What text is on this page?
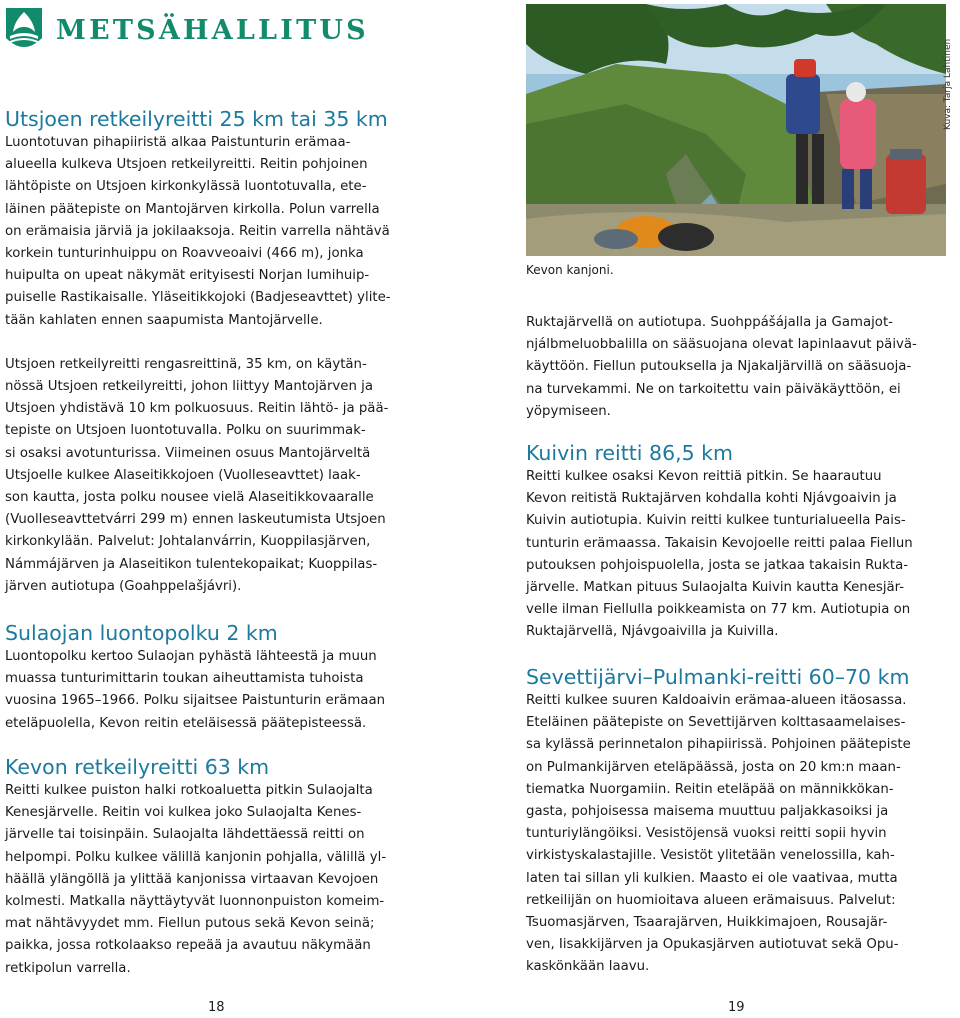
METSÄHALLITUS
Utsjoen retkeilyreitti 25 km tai 35 km

Luontotuvan pihapiiristä alkaa Paistunturin erämaa-
alueella kulkeva Utsjoen retkeilyreitti. Reitin pohjoinen
lähtöpiste on Utsjoen kirkonkylässä luontotuvalla, ete-
läinen päätepiste on Mantojärven kirkolla. Polun varrella
on erämaisia järviä ja jokilaaksoja. Reitin varrella nähtävä
korkein tunturinhuippu on Roavveoaivi (466 m), jonka
huipulta on upeat näkymät erityisesti Norjan lumihuip-
puiselle Rastikaisalle. Yläseitikkojoki (Badjeseavttet) ylite-
tään kahlaten ennen saapumista Mantojärvelle.

Utsjoen retkeilyreitti rengasreittinä, 35 km, on käytän-
nössä Utsjoen retkeilyreitti, johon liittyy Mantojärven ja
Utsjoen yhdistävä 10 km polkuosuus. Reitin lähtö- ja pää-
tepiste on Utsjoen luontotuvalla. Polku on suurimmak-
si osaksi avotunturissa. Viimeinen osuus Mantojärveltä
Utsjoelle kulkee Alaseitikkojoen (Vuolleseavttet) laak-
son kautta, josta polku nousee vielä Alaseitikkovaaralle
(Vuolleseavttetvárri 299 m) ennen laskeutumista Utsjoen
kirkonkylään. Palvelut: Johtalanvárrin, Kuoppilasjärven,
Námmájärven ja Alaseitikon tulentekopaikat; Kuoppilas-
järven autiotupa (Goahppelašjávri).

Sulaojan luontopolku 2 km

Luontopolku kertoo Sulaojan pyhästä lähteestä ja muun
muassa tunturimittarin toukan aiheuttamista tuhoista
vuosina 1965–1966. Polku sijaitsee Paistunturin erämaan
eteläpuolella, Kevon reitin eteläisessä päätepisteessä.

Kevon retkeilyreitti 63 km

Reitti kulkee puiston halki rotkoaluetta pitkin Sulaojalta
Kenesjärvelle. Reitin voi kulkea joko Sulaojalta Kenes-
järvelle tai toisinpäin. Sulaojalta lähdettäessä reitti on
helpompi. Polku kulkee välillä kanjonin pohjalla, välillä yl-
häällä ylängöllä ja ylittää kanjonissa virtaavan Kevojoen
kolmesti. Matkalla näyttäytyvät luonnonpuiston komeim-
mat nähtävyydet mm. Fiellun putous sekä Kevon seinä;
paikka, jossa rotkolaakso repeää ja avautuu näkymään
retkipolun varrella.

Kevon kanjoni.
Kuva: Tarja Lahtinen

Ruktajärvellä on autiotupa. Suohppášájalla ja Gamajot-
njálbmeluobbalilla on sääsuojana olevat lapinlaavut päivä-
käyttöön. Fiellun putouksella ja Njakaljärvillä on sääsuoja-
na turvekammi. Ne on tarkoitettu vain päiväkäyttöön, ei
yöpymiseen.

Kuivin reitti 86,5 km

Reitti kulkee osaksi Kevon reittiä pitkin. Se haarautuu
Kevon reitistä Ruktajärven kohdalla kohti Njávgoaivin ja
Kuivin autiotupia. Kuivin reitti kulkee tunturialueella Pais-
tunturin erämaassa. Takaisin Kevojoelle reitti palaa Fiellun
putouksen pohjoispuolella, josta se jatkaa takaisin Rukta-
järvelle. Matkan pituus Sulaojalta Kuivin kautta Kenesjär-
velle ilman Fiellulla poikkeamista on 77 km. Autiotupia on
Ruktajärvellä, Njávgoaivilla ja Kuivilla.

Sevettijärvi–Pulmanki-reitti 60–70 km

Reitti kulkee suuren Kaldoaivin erämaa-alueen itäosassa.
Eteläinen päätepiste on Sevettijärven kolttasaamelaises-
sa kylässä perinnetalon pihapiirissä. Pohjoinen päätepiste
on Pulmankijärven eteläpäässä, josta on 20 km:n maan-
tiematka Nuorgamiin. Reitin eteläpää on männikkökan-
gasta, pohjoisessa maisema muuttuu paljakkasoiksi ja
tunturiylängöiksi. Vesistöjensä vuoksi reitti sopii hyvin
virkistyskalastajille. Vesistöt ylitetään venelossilla, kah-
laten tai sillan yli kulkien. Maasto ei ole vaativaa, mutta
retkeilijän on huomioitava alueen erämaisuus. Palvelut:
Tsuomasjärven, Tsaarajärven, Huikkimajoen, Rousajär-
ven, Iisakkijärven ja Opukasjärven autiotuvat sekä Opu-
kaskönkään laavu.

18	19
